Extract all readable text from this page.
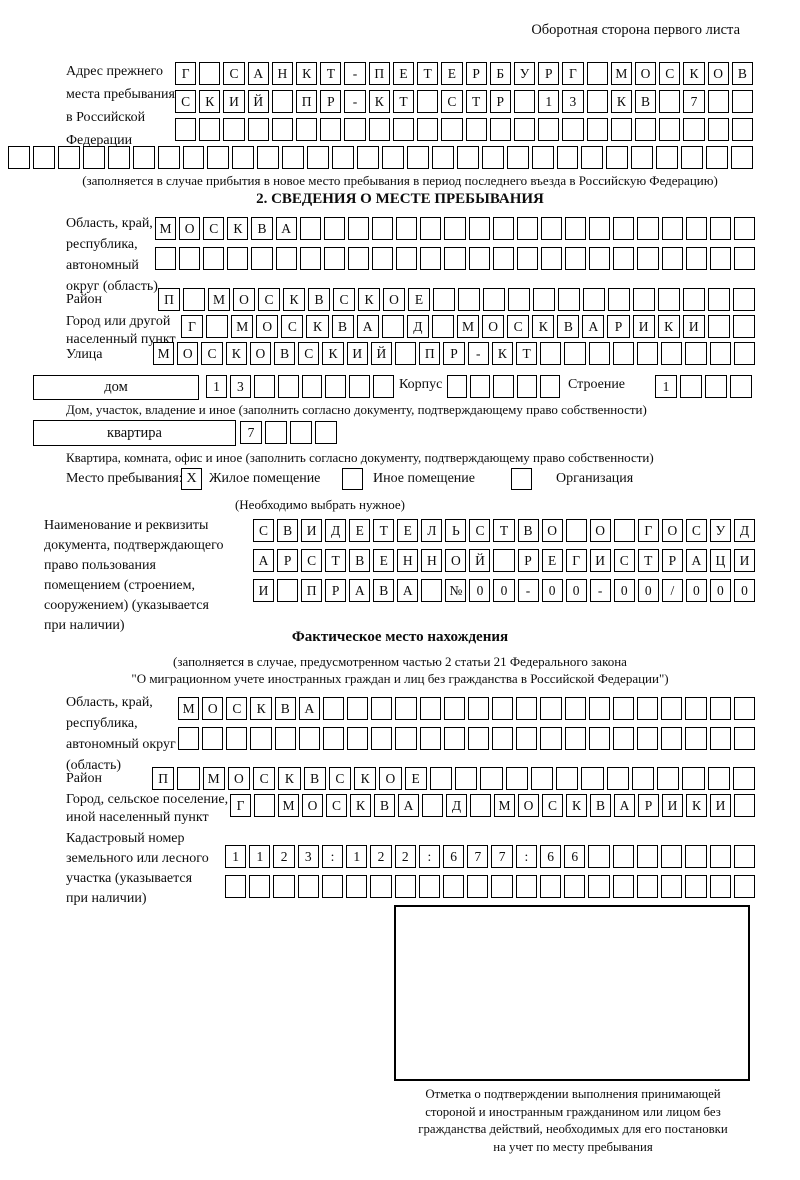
Оборотная сторона первого листа
Адрес прежнего
места пребывания
в Российской
Федерации
Г	С	А	Н	К	Т	-	П	Е	Т	Е	Р	Б	У	Р	Г	М О	С	К	О	В
С	К	И	Й	П	Р	-	К	Т	С	Т	Р	1	3	К	В	7
(заполняется в случае прибытия в новое место пребывания в период последнего въезда в Российскую Федерацию)
2. СВЕДЕНИЯ О МЕСТЕ ПРЕБЫВАНИЯ
Область, край,
республика,
автономный
округ (область)
М О	С	К	В	А
Район	П	М	О	С	К	В	С	К	О	Е
Город или другой
населенный пункт
Г	М	О	С	К	В	А	Д	М	О	С	К	В	А	Р	И	К	И
Улица	М О	С	К	О	В	С	К	И	Й	П	Р	-	К	Т
дом	1	3	Корпус	Строение	1
Дом, участок, владение и иное (заполнить согласно документу, подтверждающему право собственности)
квартира	7
Квартира, комната, офис и иное (заполнить согласно документу, подтверждающему право собственности)
Место пребывания: X Жилое помещение	Иное помещение	Организация
(Необходимо выбрать нужное)
Наименование и реквизиты
документа, подтверждающего
право пользования
помещением (строением,
сооружением) (указывается
при наличии)
С	В	И	Д	Е	Т	Е	Л	Ь	С	Т	В	О	О	Г	О	С	У	Д
А	Р	С	Т	В	Е	Н	Н	О	Й	Р	Е	Г	И	С	Т	Р	А	Ц	И
И	П	Р	А	В	А	№	0	0	-	0	0	-	0	0	/	0	0	0
Фактическое место нахождения
(заполняется в случае, предусмотренном частью 2 статьи 21 Федерального закона
"О миграционном учете иностранных граждан и лиц без гражданства в Российской Федерации")
Область, край,
республика,
автономный округ
(область)
М О	С	К	В	А
Район	П	М	О	С	К	В	С	К	О	Е
Город, сельское поселение,
иной населенный пункт
Г	М О	С	К	В	А	Д	М О	С	К	В	А	Р	И	К	И
Кадастровый номер
земельного или лесного
участка (указывается
при наличии)
1	1	2	3	:	1	2	2	:	6	7	7	:	6	6
Отметка о подтверждении выполнения принимающей
стороной и иностранным гражданином или лицом без
гражданства действий, необходимых для его постановки
на учет по месту пребывания
